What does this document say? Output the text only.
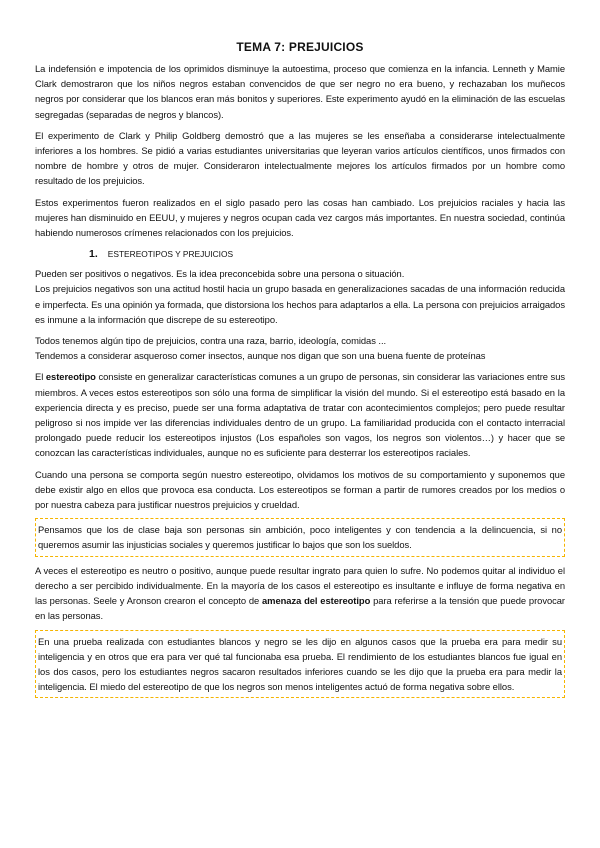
TEMA 7: PREJUICIOS

La indefensión e impotencia de los oprimidos disminuye la autoestima, proceso que comienza en la infancia. Lenneth y Mamie Clark demostraron que los niños negros estaban convencidos de que ser negro no era bueno, y rechazaban los muñecos negros por considerar que los blancos eran más bonitos y superiores. Este experimento ayudó en la eliminación de las escuelas segregadas (separadas de negros y blancos).

El experimento de Clark y Philip Goldberg demostró que a las mujeres se les enseñaba a considerarse intelectualmente inferiores a los hombres. Se pidió a varias estudiantes universitarias que leyeran varios artículos científicos, unos firmados con nombre de hombre y otros de mujer. Consideraron intelectualmente mejores los artículos firmados por un hombre como resultado de los prejuicios.

Estos experimentos fueron realizados en el siglo pasado pero las cosas han cambiado. Los prejuicios raciales y hacia las mujeres han disminuido en EEUU, y mujeres y negros ocupan cada vez cargos más importantes. En nuestra sociedad, continúa habiendo numerosos crímenes relacionados con los prejuicios.

1. ESTEREOTIPOS Y PREJUICIOS

Pueden ser positivos o negativos. Es la idea preconcebida sobre una persona o situación.

Los prejuicios negativos son una actitud hostil hacia un grupo basada en generalizaciones sacadas de una información reducida e imperfecta. Es una opinión ya formada, que distorsiona los hechos para adaptarlos a ella. La persona con prejuicios arraigados es inmune a la información que discrepe de su estereotipo.

Todos tenemos algún tipo de prejuicios, contra una raza, barrio, ideología, comidas ...

Tendemos a considerar asqueroso comer insectos, aunque nos digan que son una buena fuente de proteínas

El estereotipo consiste en generalizar características comunes a un grupo de personas, sin considerar las variaciones entre sus miembros. A veces estos estereotipos son sólo una forma de simplificar la visión del mundo. Si el estereotipo está basado en la experiencia directa y es preciso, puede ser una forma adaptativa de tratar con acontecimientos complejos; pero puede resultar peligroso si nos impide ver las diferencias individuales dentro de un grupo. La familiaridad producida con el contacto interracial prolongado puede reducir los estereotipos injustos (Los españoles son vagos, los negros son violentos…) y hacer que se conozcan las características individuales, aunque no es suficiente para desterrar los estereotipos raciales.

Cuando una persona se comporta según nuestro estereotipo, olvidamos los motivos de su comportamiento y suponemos que debe existir algo en ellos que provoca esa conducta. Los estereotipos se forman a partir de rumores creados por los medios o por nuestra cabeza para justificar nuestros prejuicios y crueldad.

Pensamos que los de clase baja son personas sin ambición, poco inteligentes y con tendencia a la delincuencia, si no queremos asumir las injusticias sociales y queremos justificar lo bajos que son los sueldos.

A veces el estereotipo es neutro o positivo, aunque puede resultar ingrato para quien lo sufre. No podemos quitar al individuo el derecho a ser percibido individualmente. En la mayoría de los casos el estereotipo es insultante e influye de forma negativa en las personas. Seele y Aronson crearon el concepto de amenaza del estereotipo para referirse a la tensión que puede provocar en las personas.

En una prueba realizada con estudiantes blancos y negro se les dijo en algunos casos que la prueba era para medir su inteligencia y en otros que era para ver qué tal funcionaba esa prueba. El rendimiento de los estudiantes blancos fue igual en los dos casos, pero los estudiantes negros sacaron resultados inferiores cuando se les dijo que la prueba era para medir la inteligencia. El miedo del estereotipo de que los negros son menos inteligentes actuó de forma negativa sobre ellos.
